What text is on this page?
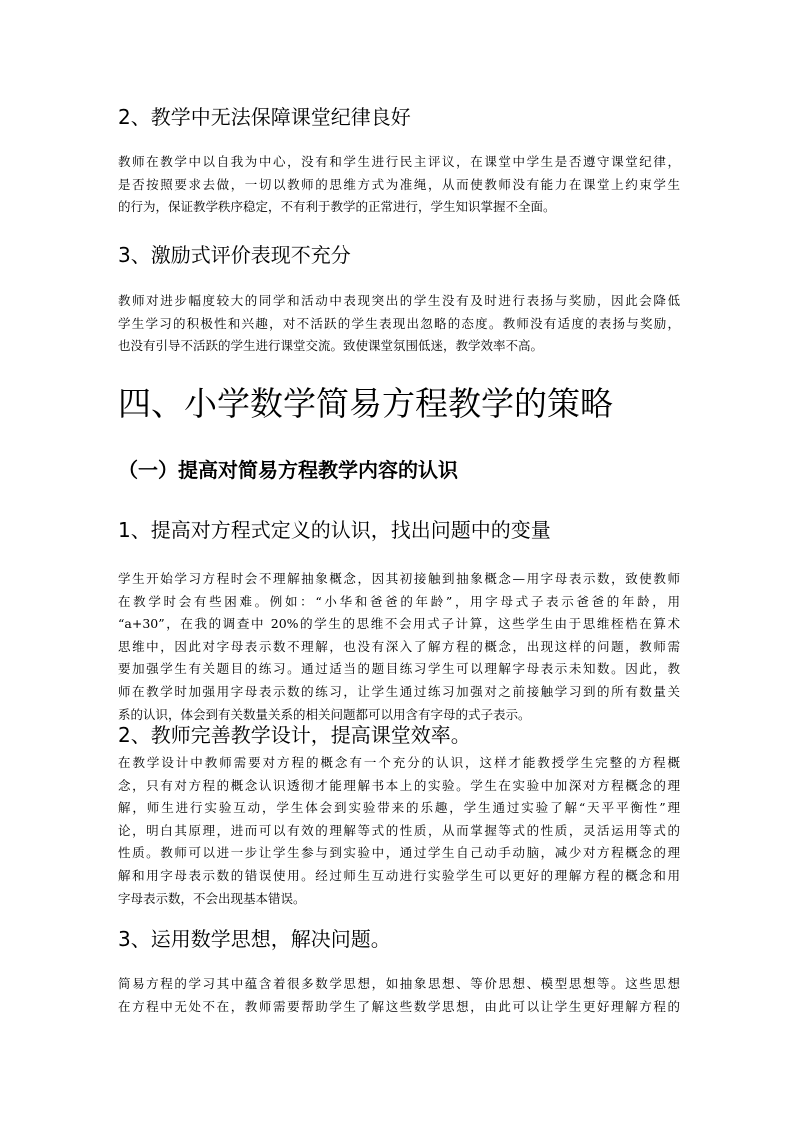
2、教学中无法保障课堂纪律良好
教师在教学中以自我为中心，没有和学生进行民主评议，在课堂中学生是否遵守课堂纪律，
是否按照要求去做，一切以教师的思维方式为准绳，从而使教师没有能力在课堂上约束学生
的行为，保证教学秩序稳定，不有利于教学的正常进行，学生知识掌握不全面。
3、激励式评价表现不充分
教师对进步幅度较大的同学和活动中表现突出的学生没有及时进行表扬与奖励，因此会降低
学生学习的积极性和兴趣，对不活跃的学生表现出忽略的态度。教师没有适度的表扬与奖励，
也没有引导不活跃的学生进行课堂交流。致使课堂氛围低迷，教学效率不高。
四、小学数学简易方程教学的策略
（一）提高对简易方程教学内容的认识
1、提高对方程式定义的认识，找出问题中的变量
学生开始学习方程时会不理解抽象概念，因其初接触到抽象概念—用字母表示数，致使教师
在教学时会有些困难。例如：“小华和爸爸的年龄”，用字母式子表示爸爸的年龄，用
“a+30”，在我的调查中 20%的学生的思维不会用式子计算，这些学生由于思维桎梏在算术
思维中，因此对字母表示数不理解，也没有深入了解方程的概念，出现这样的问题，教师需
要加强学生有关题目的练习。通过适当的题目练习学生可以理解字母表示未知数。因此，教
师在教学时加强用字母表示数的练习，让学生通过练习加强对之前接触学习到的所有数量关
系的认识，体会到有关数量关系的相关问题都可以用含有字母的式子表示。
2、教师完善教学设计，提高课堂效率。
在教学设计中教师需要对方程的概念有一个充分的认识，这样才能教授学生完整的方程概
念，只有对方程的概念认识透彻才能理解书本上的实验。学生在实验中加深对方程概念的理
解，师生进行实验互动，学生体会到实验带来的乐趣，学生通过实验了解“天平平衡性”理
论，明白其原理，进而可以有效的理解等式的性质，从而掌握等式的性质，灵活运用等式的
性质。教师可以进一步让学生参与到实验中，通过学生自己动手动脑，减少对方程概念的理
解和用字母表示数的错误使用。经过师生互动进行实验学生可以更好的理解方程的概念和用
字母表示数，不会出现基本错误。
3、运用数学思想，解决问题。
简易方程的学习其中蕴含着很多数学思想，如抽象思想、等价思想、模型思想等。这些思想
在方程中无处不在，教师需要帮助学生了解这些数学思想，由此可以让学生更好理解方程的
